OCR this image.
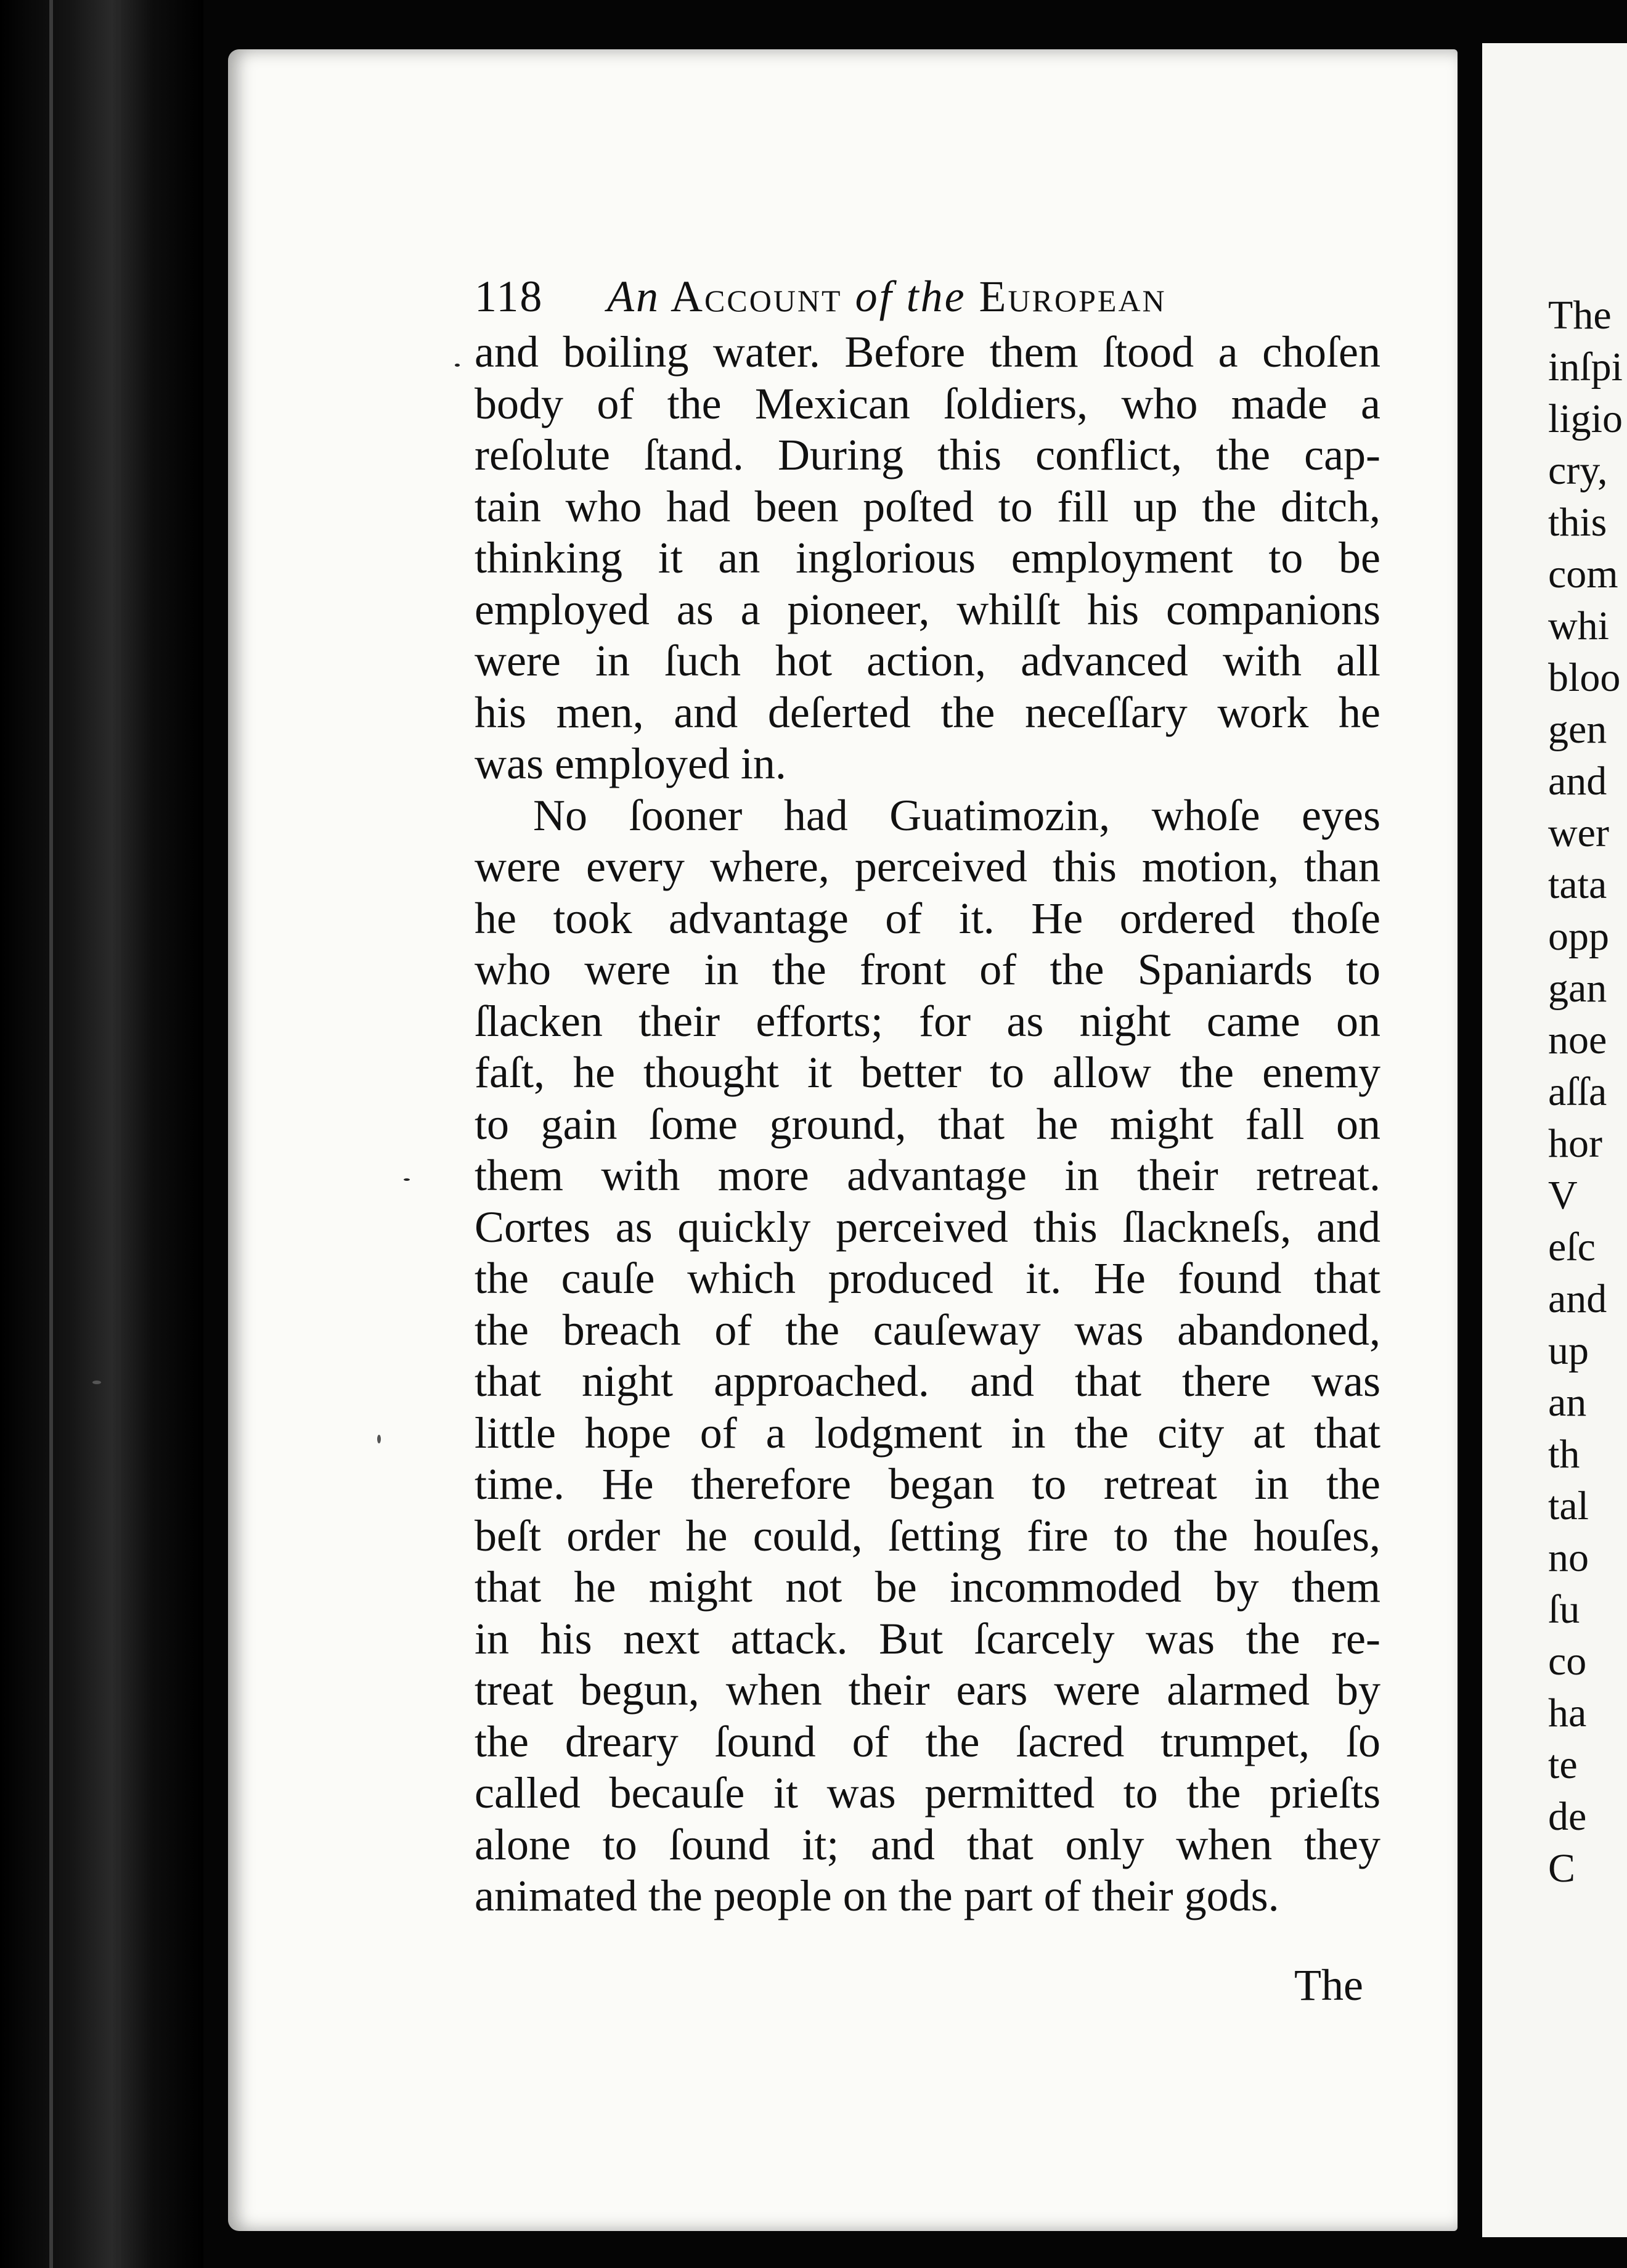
The
inſpi
ligio
cry,
this
com
whi
bloo
gen
and
wer
tata
opp
gan
noe
aſſa
hor
V
eſc
and
up
an
th
tal
no
ſu
co
ha
te
de
C
118 An Account of the European
and boiling water. Before them ſtood a choſen
body of the Mexican ſoldiers, who made a
reſolute ſtand. During this conflict, the cap-
tain who had been poſted to fill up the ditch,
thinking it an inglorious employment to be
employed as a pioneer, whilſt his companions
were in ſuch hot action, advanced with all
his men, and deſerted the neceſſary work he
was employed in.
No ſooner had Guatimozin, whoſe eyes
were every where, perceived this motion, than
he took advantage of it. He ordered thoſe
who were in the front of the Spaniards to
ſlacken their efforts; for as night came on
faſt, he thought it better to allow the enemy
to gain ſome ground, that he might fall on
them with more advantage in their retreat.
Cortes as quickly perceived this ſlackneſs, and
the cauſe which produced it. He found that
the breach of the cauſeway was abandoned,
that night approached. and that there was
little hope of a lodgment in the city at that
time. He therefore began to retreat in the
beſt order he could, ſetting fire to the houſes,
that he might not be incommoded by them
in his next attack. But ſcarcely was the re-
treat begun, when their ears were alarmed by
the dreary ſound of the ſacred trumpet, ſo
called becauſe it was permitted to the prieſts
alone to ſound it; and that only when they
animated the people on the part of their gods.
The
